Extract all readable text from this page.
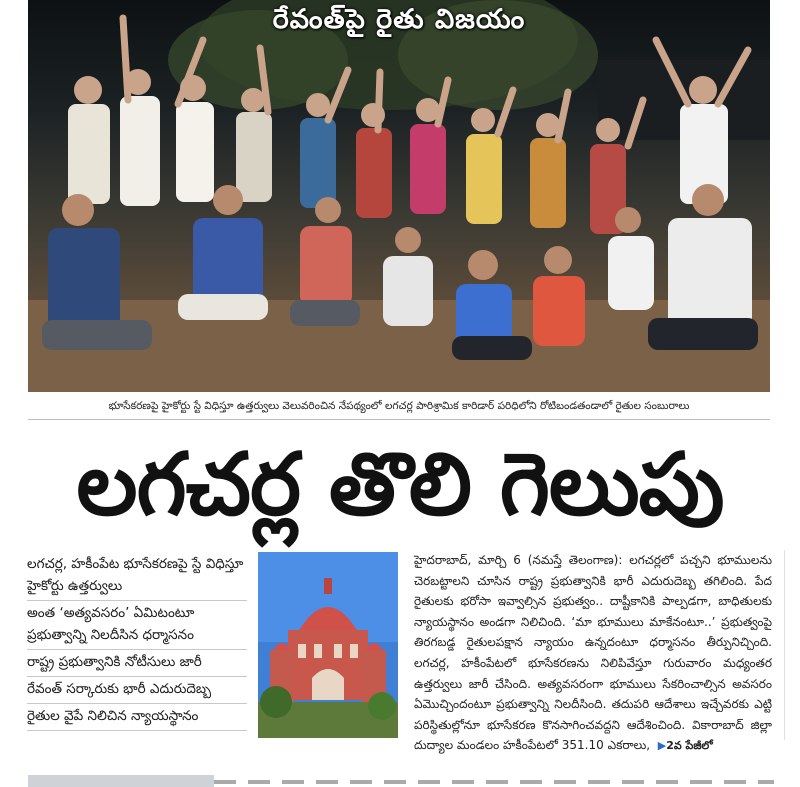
రేవంత్‌పై రైతు విజయం
భూసేకరణపై హైకోర్టు స్టే విధిస్తూ ఉత్తర్వులు వెలువరించిన నేపథ్యంలో లగచర్ల పారిశ్రామిక కారిడార్ పరిధిలోని రోటిబండతండాలో రైతుల సంబురాలు
లగచర్ల తొలి గెలుపు
లగచర్ల, హకీంపేట భూసేకరణపై స్టే విధిస్తూ హైకోర్టు ఉత్తర్వులు
అంత ‘అత్యవసరం’ ఏమిటంటూ ప్రభుత్వాన్ని నిలదీసిన ధర్మాసనం
రాష్ట్ర ప్రభుత్వానికి నోటీసులు జారీ
రేవంత్ సర్కారుకు భారీ ఎదురుదెబ్బ
రైతుల వైపే నిలిచిన న్యాయస్థానం
హైదరాబాద్, మార్చి 6 (నమస్తే తెలంగాణ): లగచర్లలో పచ్చని భూములను చెరబట్టాలని చూసిన రాష్ట్ర ప్రభుత్వానికి భారీ ఎదురుదెబ్బ తగిలింది. పేద రైతులకు భరోసా ఇవ్వాల్సిన ప్రభుత్వం.. దాష్టీకానికి పాల్పడగా, బాధితులకు న్యాయస్థానం అండగా నిలిచింది. ‘మా భూములు మాకేనంటూ..’ ప్రభుత్వంపై తిరగబడ్డ రైతులపక్షాన న్యాయం ఉన్నదంటూ ధర్మాసనం తీర్పునిచ్చింది. లగచర్ల, హకీంపేటలో భూసేకరణను నిలిపివేస్తూ గురువారం మధ్యంతర ఉత్తర్వులు జారీ చేసింది. అత్యవసరంగా భూములు సేకరించాల్సిన అవసరం ఏమొచ్చిందంటూ ప్రభుత్వాన్ని నిలదీసింది. తదుపరి ఆదేశాలు ఇచ్చేవరకు ఎట్టి పరిస్థితుల్లోనూ భూసేకరణ కొనసాగించవద్దని ఆదేశించింది. వికారాబాద్ జిల్లా దుద్యాల మండలం హకీంపేటలో 351.10 ఎకరాలు, ▶2వ పేజీలో
